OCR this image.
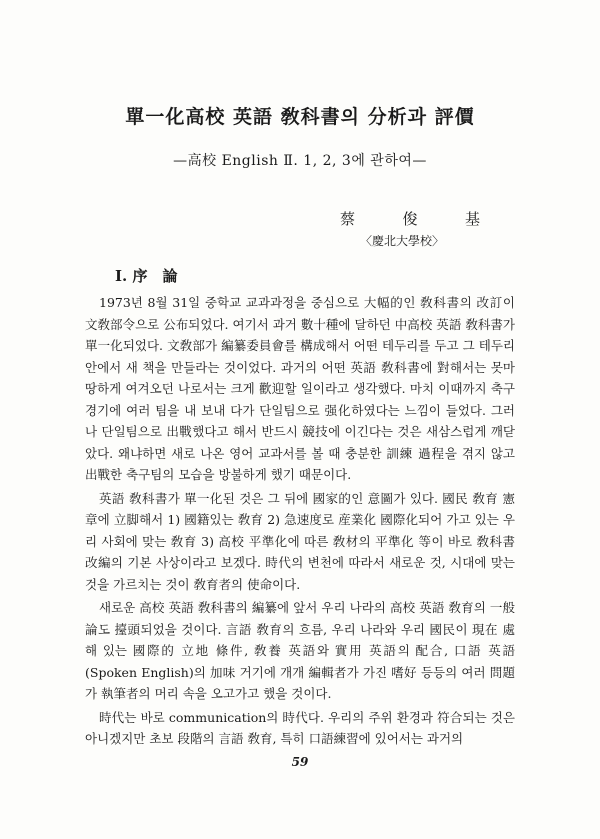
單一化高校 英語 敎科書의 分析과 評價
—高校 English Ⅱ. 1, 2, 3에 관하여—
蔡	俊	基
〈慶北大學校〉
Ⅰ. 序　論

1973년 8월 31일 중학교 교과과정을 중심으로 大幅的인 敎科書의 改訂이 文敎部令으로 公布되었다. 여기서 과거 數十種에 달하던 中高校 英語 敎科書가 單一化되었다. 文敎部가 編纂委員會를 構成해서 어떤 테두리를 두고 그 테두리 안에서 새 책을 만들라는 것이었다. 과거의 어떤 英語 敎科書에 對해서는 못마땅하게 여겨오던 나로서는 크게 歡迎할 일이라고 생각했다. 마치 이때까지 축구경기에 여러 팀을 내 보내 다가 단일팀으로 强化하였다는 느낌이 들었다. 그러나 단일팀으로 出戰했다고 해서 반드시 競技에 이긴다는 것은 새삼스럽게 깨닫았다. 왜냐하면 새로 나온 영어 교과서를 볼 때 충분한 訓練 過程을 겪지 않고 出戰한 축구팀의 모습을 방불하게 했기 때문이다.

英語 敎科書가 單一化된 것은 그 뒤에 國家的인 意圖가 있다. 國民 敎育 憲章에 立脚해서 1) 國籍있는 敎育 2) 急速度로 産業化 國際化되어 가고 있는 우리 사회에 맞는 敎育 3) 高校 平準化에 따른 敎材의 平準化 等이 바로 敎科書 改編의 기본 사상이라고 보겠다. 時代의 변천에 따라서 새로운 것, 시대에 맞는 것을 가르치는 것이 敎育者의 使命이다.

새로운 高校 英語 敎科書의 編纂에 앞서 우리 나라의 高校 英語 敎育의 一般論도 擡頭되었을 것이다. 言語 敎育의 흐름, 우리 나라와 우리 國民이 現在 處해 있는 國際的 立地 條件, 敎養 英語와 實用 英語의 配合, 口語 英語 (Spoken English)의 加味 거기에 개개 編輯者가 가진 嗜好 등등의 여러 問題가 執筆者의 머리 속을 오고가고 했을 것이다.

時代는 바로 communication의 時代다. 우리의 주위 환경과 符合되는 것은 아니겠지만 초보 段階의 言語 敎育, 특히 口語練習에 있어서는 과거의

59
